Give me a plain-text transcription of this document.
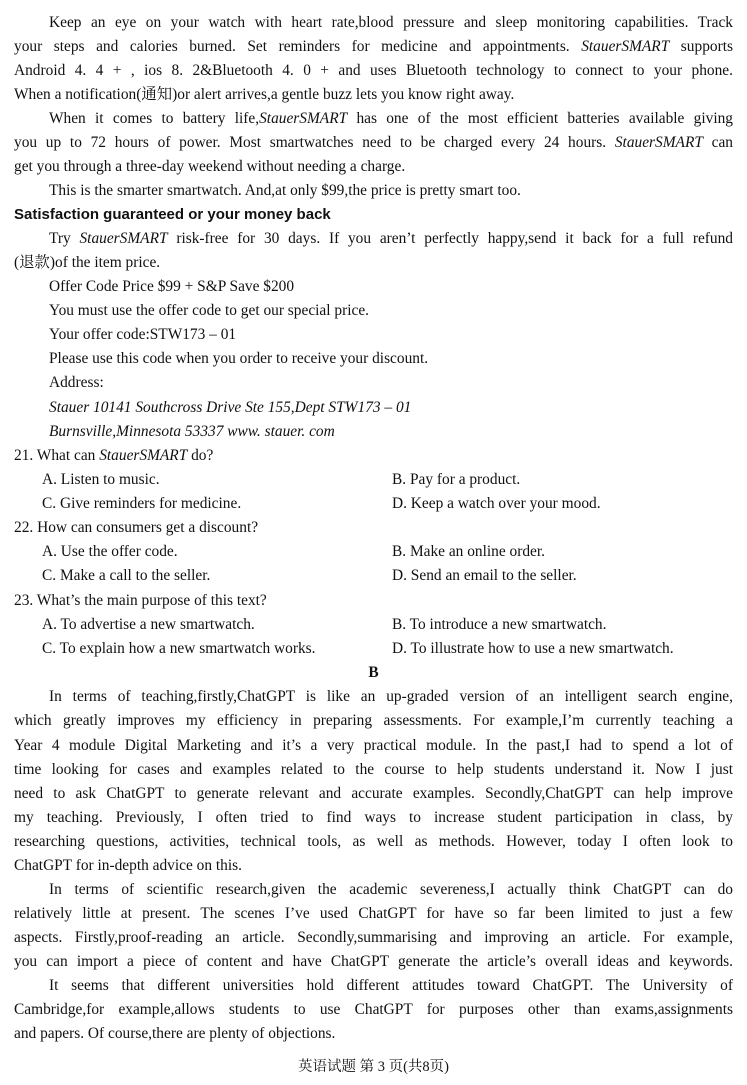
Keep an eye on your watch with heart rate,blood pressure and sleep monitoring capabilities. Track
your steps and calories burned. Set reminders for medicine and appointments. StauerSMART supports
Android 4. 4 + , ios 8. 2&Bluetooth 4. 0 + and uses Bluetooth technology to connect to your phone.
When a notification(通知)or alert arrives,a gentle buzz lets you know right away.
When it comes to battery life,StauerSMART has one of the most efficient batteries available giving
you up to 72 hours of power. Most smartwatches need to be charged every 24 hours. StauerSMART can
get you through a three-day weekend without needing a charge.
This is the smarter smartwatch. And,at only $99,the price is pretty smart too.
Satisfaction guaranteed or your money back
Try StauerSMART risk-free for 30 days. If you aren’t perfectly happy,send it back for a full refund
(退款)of the item price.
Offer Code Price $99 + S&P Save $200
You must use the offer code to get our special price.
Your offer code:STW173 – 01
Please use this code when you order to receive your discount.
Address:
Stauer 10141 Southcross Drive Ste 155,Dept STW173 – 01
Burnsville,Minnesota 53337 www. stauer. com
21. What can StauerSMART do?
A. Listen to music.	B. Pay for a product.
C. Give reminders for medicine.	D. Keep a watch over your mood.
22. How can consumers get a discount?
A. Use the offer code.	B. Make an online order.
C. Make a call to the seller.	D. Send an email to the seller.
23. What’s the main purpose of this text?
A. To advertise a new smartwatch.	B. To introduce a new smartwatch.
C. To explain how a new smartwatch works.	D. To illustrate how to use a new smartwatch.
B
In terms of teaching,firstly,ChatGPT is like an up-graded version of an intelligent search engine,
which greatly improves my efficiency in preparing assessments. For example,I’m currently teaching a
Year 4 module Digital Marketing and it’s a very practical module. In the past,I had to spend a lot of
time looking for cases and examples related to the course to help students understand it. Now I just
need to ask ChatGPT to generate relevant and accurate examples. Secondly,ChatGPT can help improve
my teaching. Previously, I often tried to find ways to increase student participation in class, by
researching questions, activities, technical tools, as well as methods. However, today I often look to
ChatGPT for in-depth advice on this.
In terms of scientific research,given the academic severeness,I actually think ChatGPT can do
relatively little at present. The scenes I’ve used ChatGPT for have so far been limited to just a few
aspects. Firstly,proof-reading an article. Secondly,summarising and improving an article. For example,
you can import a piece of content and have ChatGPT generate the article’s overall ideas and keywords.
It seems that different universities hold different attitudes toward ChatGPT. The University of
Cambridge,for example,allows students to use ChatGPT for purposes other than exams,assignments
and papers. Of course,there are plenty of objections.
英语试题 第 3 页(共8页)
